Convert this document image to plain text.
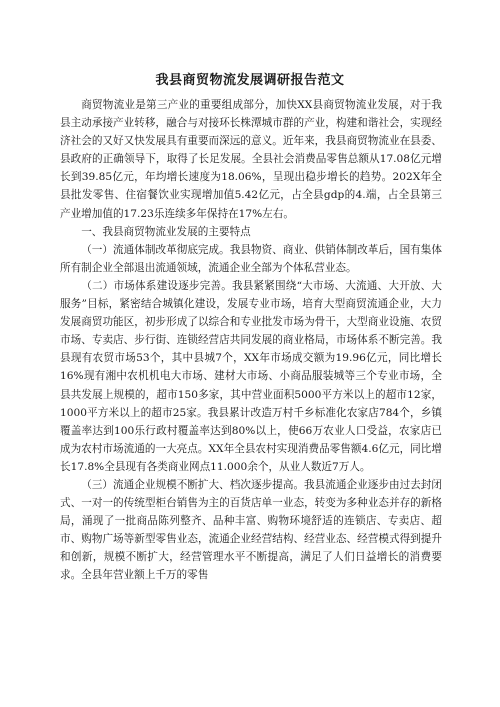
我县商贸物流发展调研报告范文

商贸物流业是第三产业的重要组成部分，加快XX县商贸物流业发展，对于我县主动承接产业转移，融合与对接环长株潭城市群的产业，构建和谐社会，实现经济社会的又好又快发展具有重要而深远的意义。近年来，我县商贸物流业在县委、县政府的正确领导下，取得了长足发展。全县社会消费品零售总额从17.08亿元增长到39.85亿元，年均增长速度为18.06%，呈现出稳步增长的趋势。202X年全县批发零售、住宿餐饮业实现增加值5.42亿元，占全县gdp的4.端，占全县第三产业增加值的17.23乐连续多年保持在17%左右。

一、我县商贸物流业发展的主要特点

（一）流通体制改革彻底完成。我县物资、商业、供销体制改革后，国有集体所有制企业全部退出流通领域，流通企业全部为个体私营业态。

（二）市场体系建设逐步完善。我县紧紧围绕“大市场、大流通、大开放、大服务”目标，紧密结合城镇化建设，发展专业市场，培育大型商贸流通企业，大力发展商贸功能区，初步形成了以综合和专业批发市场为骨干，大型商业设施、农贸市场、专卖店、步行街、连锁经营店共同发展的商业格局，市场体系不断完善。我县现有农贸市场53个，其中县城7个，XX年市场成交额为19.96亿元，同比增长16%现有湘中农机机电大市场、建材大市场、小商品服装城等三个专业市场，全县共发展上规模的，超市150多家，其中营业面积5000平方米以上的超市12家，1000平方米以上的超市25家。我县累计改造万村千乡标准化农家店784个，乡镇覆盖率达到100乐行政村覆盖率达到80%以上，使66万农业人口受益，农家店已成为农村市场流通的一大亮点。XX年全县农村实现消费品零售额4.6亿元，同比增长17.8%全县现有各类商业网点11.000余个，从业人数近7万人。

（三）流通企业规模不断扩大、档次逐步提高。我县流通企业逐步由过去封闭式、一对一的传统型柜台销售为主的百货店单一业态，转变为多种业态并存的新格局，涌现了一批商品陈列整齐、品种丰富、购物环境舒适的连锁店、专卖店、超市、购物广场等新型零售业态，流通企业经营结构、经营业态、经营模式得到提升和创新，规模不断扩大，经营管理水平不断提高，满足了人们日益增长的消费要求。全县年营业额上千万的零售
